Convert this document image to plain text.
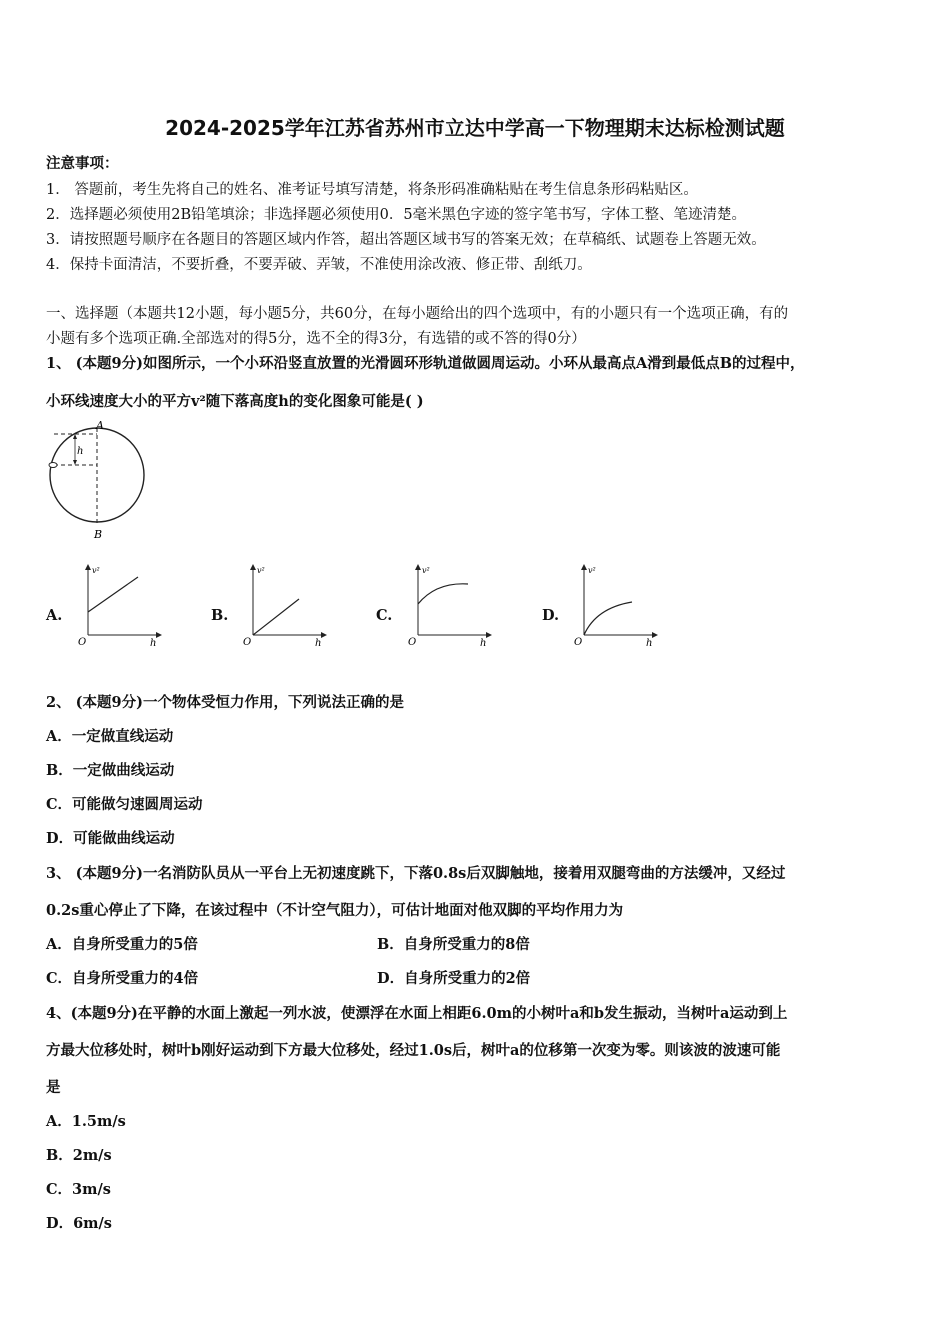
2024-2025学年江苏省苏州市立达中学高一下物理期末达标检测试题
注意事项：
1． 答题前，考生先将自己的姓名、准考证号填写清楚，将条形码准确粘贴在考生信息条形码粘贴区。
2．选择题必须使用2B铅笔填涂；非选择题必须使用0．5毫米黑色字迹的签字笔书写，字体工整、笔迹清楚。
3．请按照题号顺序在各题目的答题区域内作答，超出答题区域书写的答案无效；在草稿纸、试题卷上答题无效。
4．保持卡面清洁，不要折叠，不要弄破、弄皱，不准使用涂改液、修正带、刮纸刀。
一、选择题（本题共12小题，每小题5分，共60分，在每小题给出的四个选项中，有的小题只有一个选项正确，有的
小题有多个选项正确.全部选对的得5分，选不全的得3分，有选错的或不答的得0分）
1、 (本题9分)如图所示，一个小环沿竖直放置的光滑圆环形轨道做圆周运动。小环从最高点A滑到最低点B的过程中，
小环线速度大小的平方v²随下落高度h的变化图象可能是( )
h
A
B
A.
v²
O	h
B.
v²
O	h
C.
v²
O	h
D.
v²
O	h
2、 (本题9分)一个物体受恒力作用，下列说法正确的是
A．一定做直线运动
B．一定做曲线运动
C．可能做匀速圆周运动
D．可能做曲线运动
3、 (本题9分)一名消防队员从一平台上无初速度跳下，下落0.8s后双脚触地，接着用双腿弯曲的方法缓冲，又经过
0.2s重心停止了下降，在该过程中（不计空气阻力），可估计地面对他双脚的平均作用力为
A．自身所受重力的5倍	B．自身所受重力的8倍
C．自身所受重力的4倍	D．自身所受重力的2倍
4、(本题9分)在平静的水面上激起一列水波，使漂浮在水面上相距6.0m的小树叶a和b发生振动，当树叶a运动到上
方最大位移处时，树叶b刚好运动到下方最大位移处，经过1.0s后，树叶a的位移第一次变为零。则该波的波速可能
是
A．1.5m/s
B．2m/s
C．3m/s
D．6m/s
